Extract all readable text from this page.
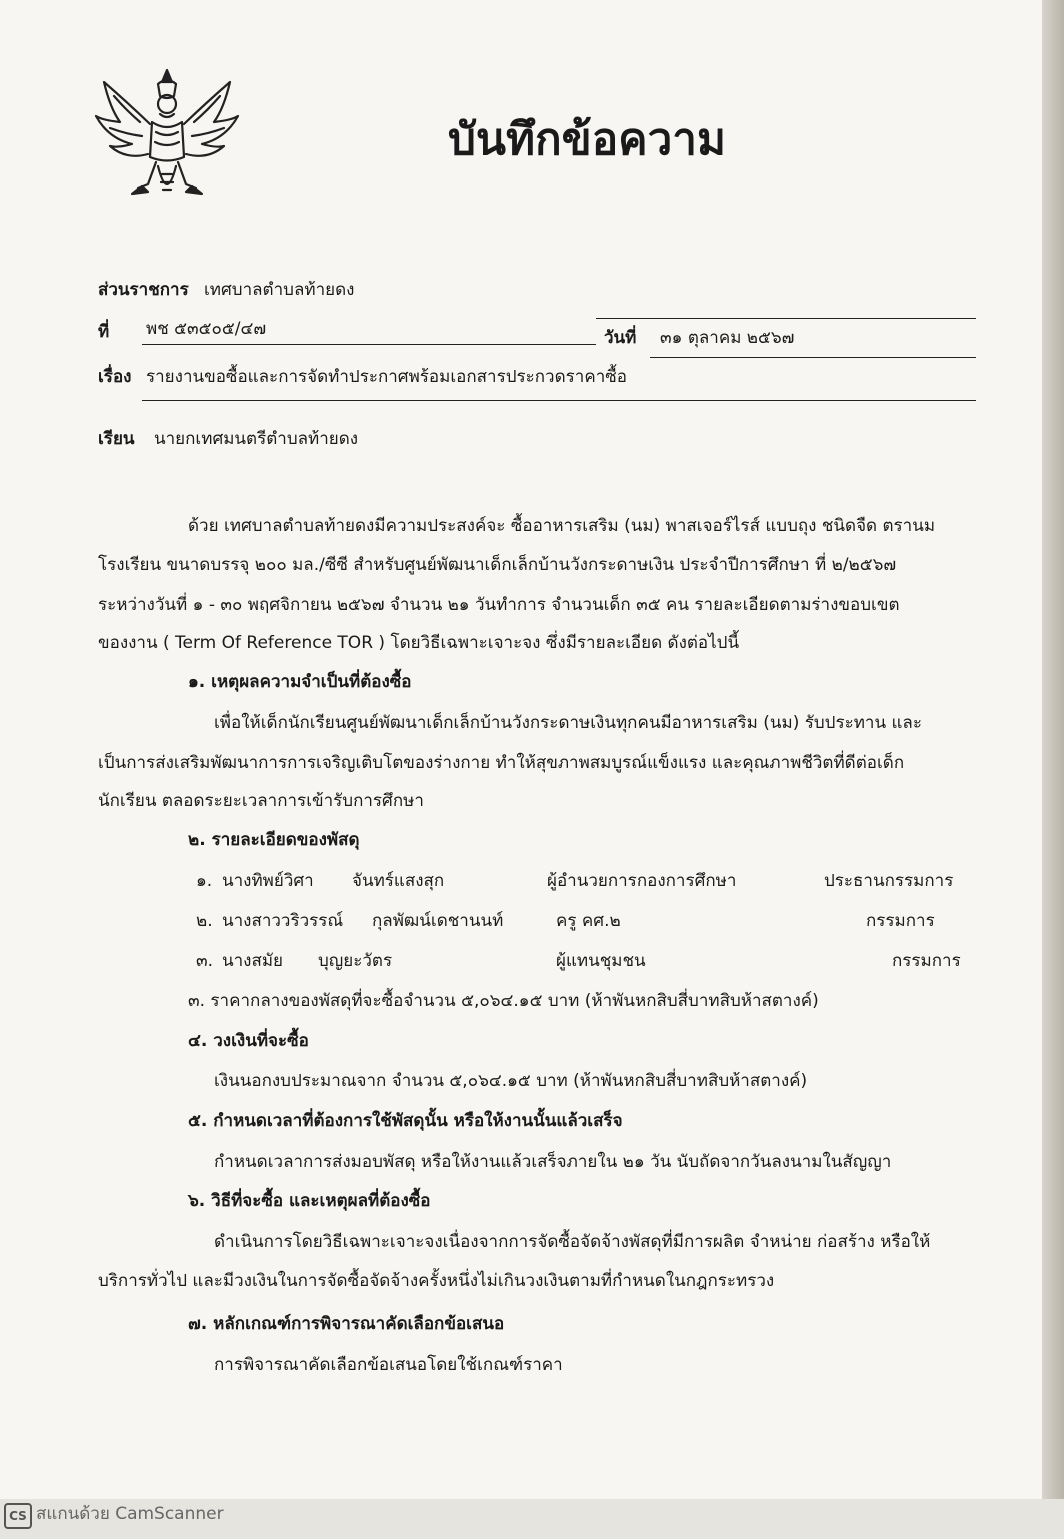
บันทึกข้อความ
ส่วนราชการ เทศบาลตำบลท้ายดง
ที่ พช ๕๓๕๐๕/๔๗	วันที่ ๓๑ ตุลาคม ๒๕๖๗
เรื่อง รายงานขอซื้อและการจัดทำประกาศพร้อมเอกสารประกวดราคาซื้อ
เรียน นายกเทศมนตรีตำบลท้ายดง
ด้วย เทศบาลตำบลท้ายดงมีความประสงค์จะ ซื้ออาหารเสริม (นม) พาสเจอร์ไรส์ แบบถุง ชนิดจืด ตรานม
โรงเรียน ขนาดบรรจุ ๒๐๐ มล./ซีซี สำหรับศูนย์พัฒนาเด็กเล็กบ้านวังกระดาษเงิน ประจำปีการศึกษา ที่ ๒/๒๕๖๗
ระหว่างวันที่ ๑ - ๓๐ พฤศจิกายน ๒๕๖๗ จำนวน ๒๑ วันทำการ จำนวนเด็ก ๓๕ คน รายละเอียดตามร่างขอบเขต
ของงาน ( Term Of Reference TOR ) โดยวิธีเฉพาะเจาะจง ซึ่งมีรายละเอียด ดังต่อไปนี้
๑. เหตุผลความจำเป็นที่ต้องซื้อ
เพื่อให้เด็กนักเรียนศูนย์พัฒนาเด็กเล็กบ้านวังกระดาษเงินทุกคนมีอาหารเสริม (นม) รับประทาน และ
เป็นการส่งเสริมพัฒนาการการเจริญเติบโตของร่างกาย ทำให้สุขภาพสมบูรณ์แข็งแรง และคุณภาพชีวิตที่ดีต่อเด็ก
นักเรียน ตลอดระยะเวลาการเข้ารับการศึกษา
๒. รายละเอียดของพัสดุ
๑. นางทิพย์วิศา จันทร์แสงสุก	ผู้อำนวยการกองการศึกษา	ประธานกรรมการ
๒. นางสาววริวรรณ์ กุลพัฒน์เดชานนท์	ครู คศ.๒	กรรมการ
๓. นางสมัย บุญยะวัตร	ผู้แทนชุมชน	กรรมการ
๓. ราคากลางของพัสดุที่จะซื้อจำนวน ๕,๐๖๔.๑๕ บาท (ห้าพันหกสิบสี่บาทสิบห้าสตางค์)
๔. วงเงินที่จะซื้อ
เงินนอกงบประมาณจาก จำนวน ๕,๐๖๔.๑๕ บาท (ห้าพันหกสิบสี่บาทสิบห้าสตางค์)
๕. กำหนดเวลาที่ต้องการใช้พัสดุนั้น หรือให้งานนั้นแล้วเสร็จ
กำหนดเวลาการส่งมอบพัสดุ หรือให้งานแล้วเสร็จภายใน ๒๑ วัน นับถัดจากวันลงนามในสัญญา
๖. วิธีที่จะซื้อ และเหตุผลที่ต้องซื้อ
ดำเนินการโดยวิธีเฉพาะเจาะจงเนื่องจากการจัดซื้อจัดจ้างพัสดุที่มีการผลิต จำหน่าย ก่อสร้าง หรือให้
บริการทั่วไป และมีวงเงินในการจัดซื้อจัดจ้างครั้งหนึ่งไม่เกินวงเงินตามที่กำหนดในกฎกระทรวง
๗. หลักเกณฑ์การพิจารณาคัดเลือกข้อเสนอ
การพิจารณาคัดเลือกข้อเสนอโดยใช้เกณฑ์ราคา
CS สแกนด้วย CamScanner
